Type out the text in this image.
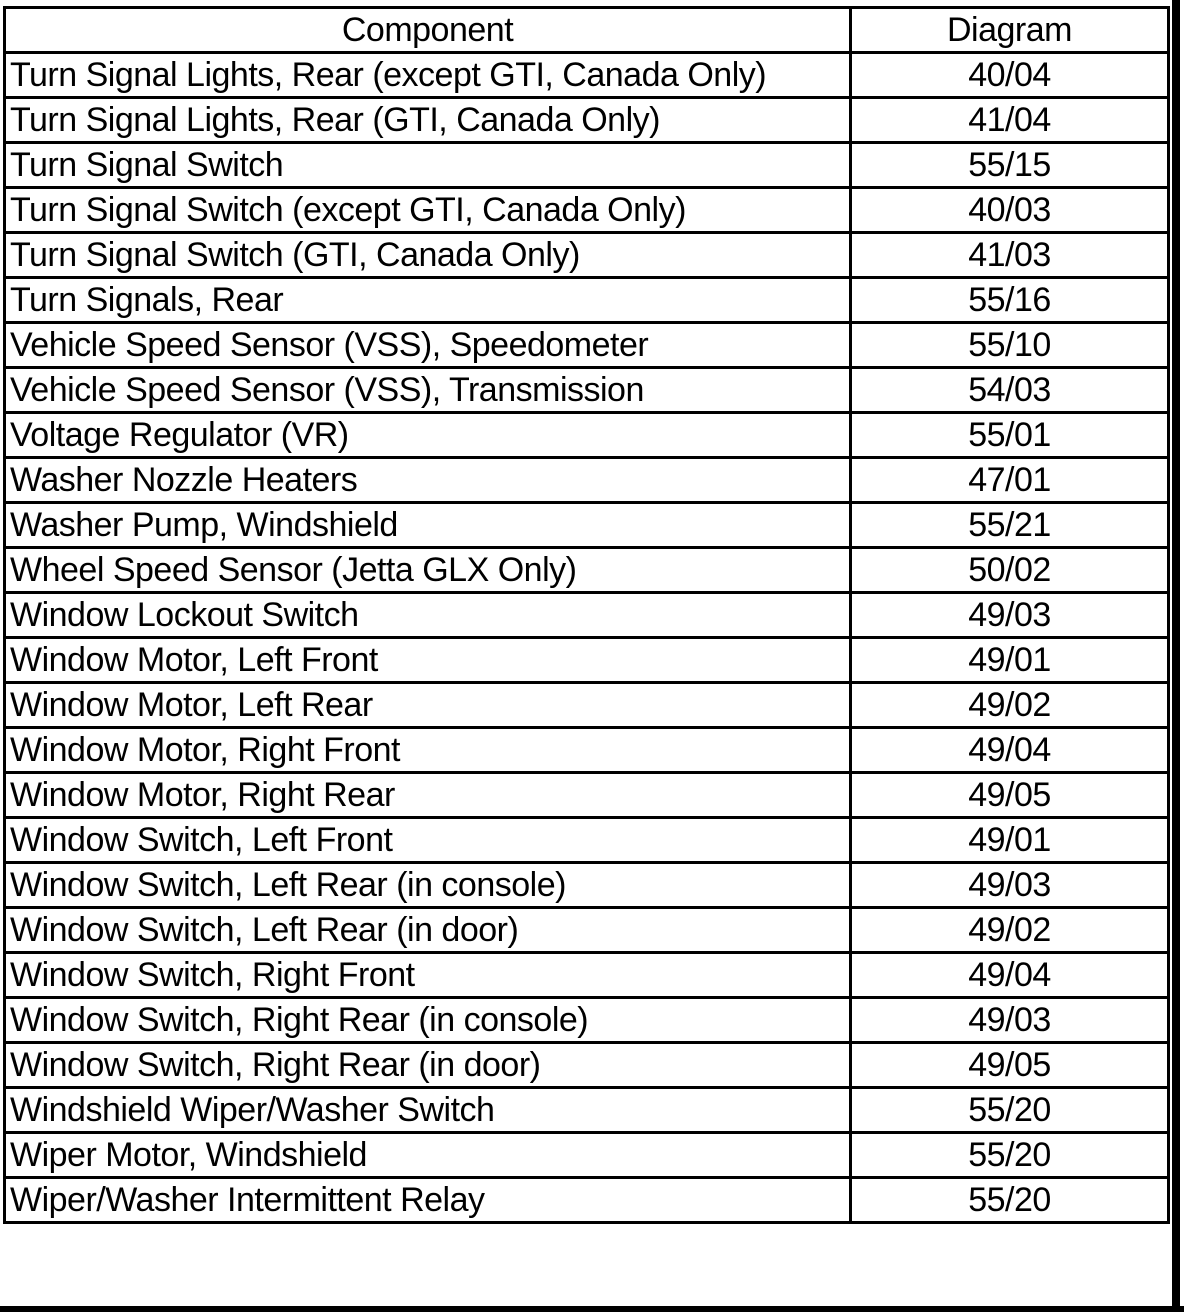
Component	Diagram
Turn Signal Lights, Rear (except GTI, Canada Only)	40/04
Turn Signal Lights, Rear (GTI, Canada Only)	41/04
Turn Signal Switch	55/15
Turn Signal Switch (except GTI, Canada Only)	40/03
Turn Signal Switch (GTI, Canada Only)	41/03
Turn Signals, Rear	55/16
Vehicle Speed Sensor (VSS), Speedometer	55/10
Vehicle Speed Sensor (VSS), Transmission	54/03
Voltage Regulator (VR)	55/01
Washer Nozzle Heaters	47/01
Washer Pump, Windshield	55/21
Wheel Speed Sensor (Jetta GLX Only)	50/02
Window Lockout Switch	49/03
Window Motor, Left Front	49/01
Window Motor, Left Rear	49/02
Window Motor, Right Front	49/04
Window Motor, Right Rear	49/05
Window Switch, Left Front	49/01
Window Switch, Left Rear (in console)	49/03
Window Switch, Left Rear (in door)	49/02
Window Switch, Right Front	49/04
Window Switch, Right Rear (in console)	49/03
Window Switch, Right Rear (in door)	49/05
Windshield Wiper/Washer Switch	55/20
Wiper Motor, Windshield	55/20
Wiper/Washer Intermittent Relay	55/20
